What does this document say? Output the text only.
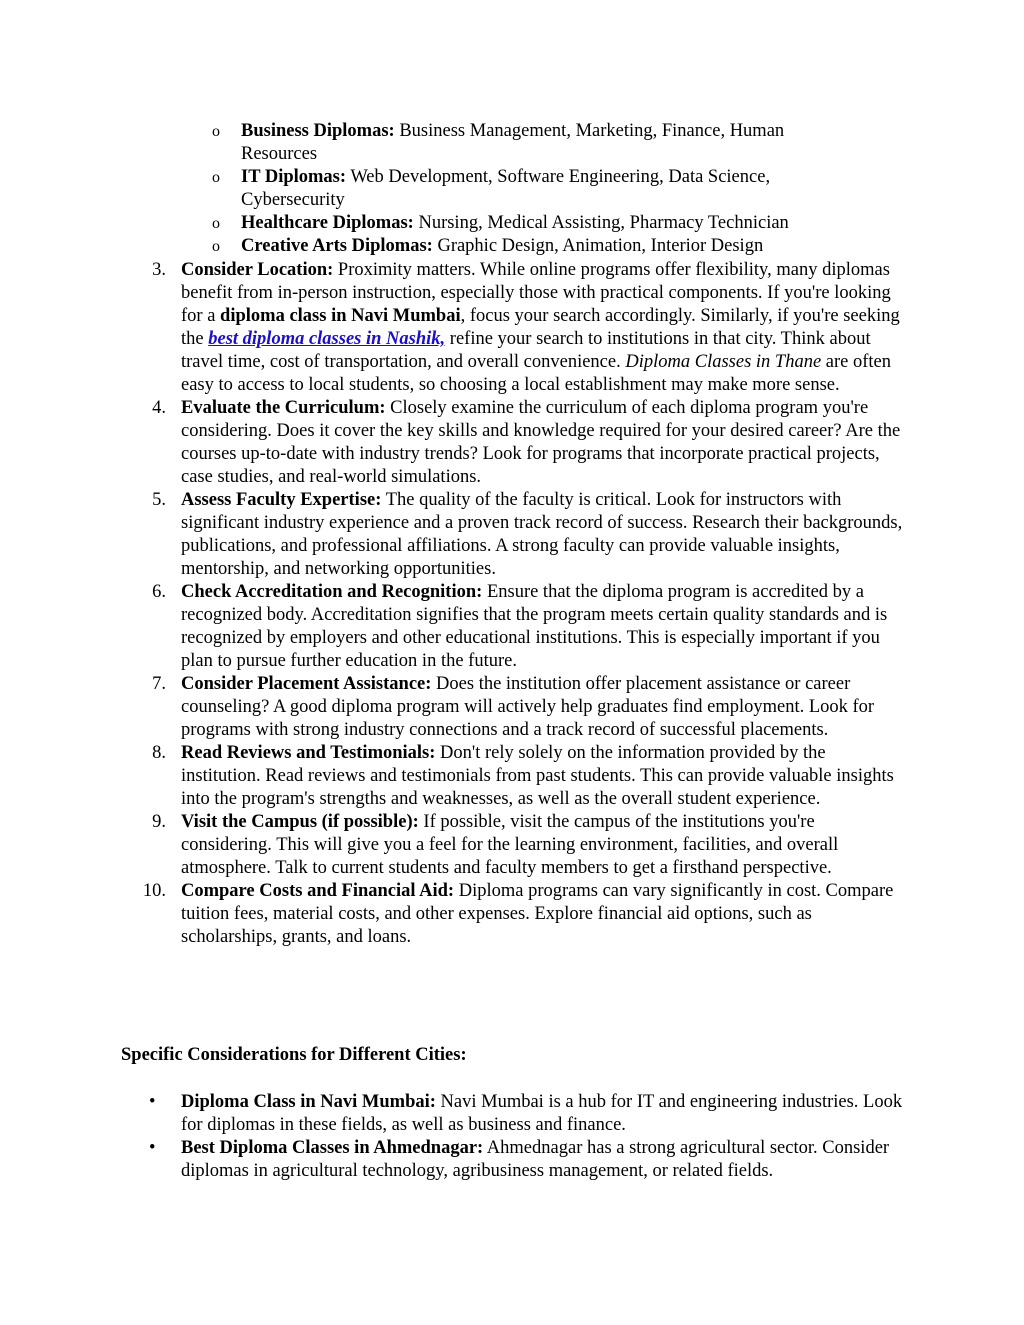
o Business Diplomas: Business Management, Marketing, Finance, Human Resources
o IT Diplomas: Web Development, Software Engineering, Data Science, Cybersecurity
o Healthcare Diplomas: Nursing, Medical Assisting, Pharmacy Technician
o Creative Arts Diplomas: Graphic Design, Animation, Interior Design
3. Consider Location: Proximity matters. While online programs offer flexibility, many diplomas benefit from in-person instruction, especially those with practical components. If you're looking for a diploma class in Navi Mumbai, focus your search accordingly. Similarly, if you're seeking the best diploma classes in Nashik, refine your search to institutions in that city. Think about travel time, cost of transportation, and overall convenience. Diploma Classes in Thane are often easy to access to local students, so choosing a local establishment may make more sense.
4. Evaluate the Curriculum: Closely examine the curriculum of each diploma program you're considering. Does it cover the key skills and knowledge required for your desired career? Are the courses up-to-date with industry trends? Look for programs that incorporate practical projects, case studies, and real-world simulations.
5. Assess Faculty Expertise: The quality of the faculty is critical. Look for instructors with significant industry experience and a proven track record of success. Research their backgrounds, publications, and professional affiliations. A strong faculty can provide valuable insights, mentorship, and networking opportunities.
6. Check Accreditation and Recognition: Ensure that the diploma program is accredited by a recognized body. Accreditation signifies that the program meets certain quality standards and is recognized by employers and other educational institutions. This is especially important if you plan to pursue further education in the future.
7. Consider Placement Assistance: Does the institution offer placement assistance or career counseling? A good diploma program will actively help graduates find employment. Look for programs with strong industry connections and a track record of successful placements.
8. Read Reviews and Testimonials: Don't rely solely on the information provided by the institution. Read reviews and testimonials from past students. This can provide valuable insights into the program's strengths and weaknesses, as well as the overall student experience.
9. Visit the Campus (if possible): If possible, visit the campus of the institutions you're considering. This will give you a feel for the learning environment, facilities, and overall atmosphere. Talk to current students and faculty members to get a firsthand perspective.
10. Compare Costs and Financial Aid: Diploma programs can vary significantly in cost. Compare tuition fees, material costs, and other expenses. Explore financial aid options, such as scholarships, grants, and loans.
Specific Considerations for Different Cities:
• Diploma Class in Navi Mumbai: Navi Mumbai is a hub for IT and engineering industries. Look for diplomas in these fields, as well as business and finance.
• Best Diploma Classes in Ahmednagar: Ahmednagar has a strong agricultural sector. Consider diplomas in agricultural technology, agribusiness management, or related fields.
